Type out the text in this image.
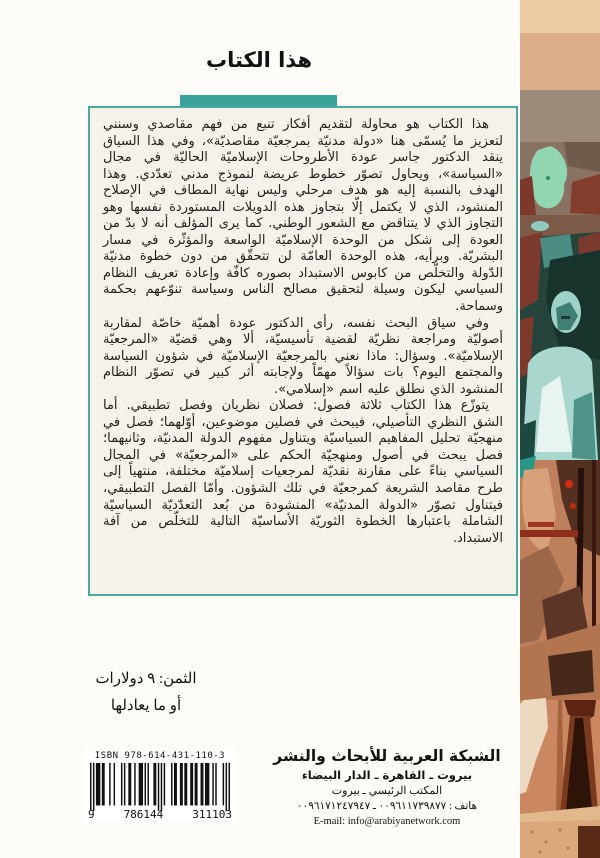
هذا الكتاب

هذا الكتاب هو محاولة لتقديم أفكار تنبع من فهم مقاصدي وسنني لتعزيز ما يُسمّى هنا «دولة مدنيّة بمرجعيّة مقاصديّة»، وفي هذا السياق ينقد الدكتور جاسر عودة الأطروحات الإسلاميّة الحاليّة في مجال «السياسة»، ويحاول تصوّر خطوط عريضة لنموذج مدني تعدّدي. وهذا الهدف بالنسبة إليه هو هدف مرحلي وليس نهاية المطاف في الإصلاح المنشود، الذي لا يكتمل إلّا بتجاوز هذه الدويلات المستوردة نفسها وهو التجاوز الذي لا يتناقض مع الشعور الوطني. كما يرى المؤلف أنه لا بدّ من العودة إلى شكل من الوحدة الإسلاميّة الواسعة والمؤثّرة في مسار البشريّة. وبرأيه، هذه الوحدة العامّة لن تتحقّق من دون خطوة مدنيّة الدّولة والتخلّص من كابوس الاستبداد بصوره كافّة وإعادة تعريف النظام السياسي ليكون وسيلة لتحقيق مصالح الناس وسياسة تنوّعهم بحكمة وسماحة.

وفي سياق البحث نفسه، رأى الدكتور عودة أهميّة خاصّة لمقاربة أصوليّة ومراجعة نظريّة لقضية تأسيسيّة، ألا وهي قضيّة «المرجعيّة الإسلاميّة». وسؤال: ماذا نعني بالمرجعيّة الإسلاميّة في شؤون السياسة والمجتمع اليوم؟ بات سؤالاً مهمّاً ولإجابته أثر كبير في تصوّر النظام المنشود الذي نطلق عليه اسم «إسلامي».

يتوزّع هذا الكتاب ثلاثة فصول: فصلان نظريان وفصل تطبيقي. أما الشق النظري التأصيلي، فيبحث في فصلين موضوعين، أوّلهما؛ فصل في منهجيّة تحليل المفاهيم السياسيّة ويتناول مفهوم الدولة المدنيّة، وثانيهما؛ فصل يبحث في أصول ومنهجيّة الحكم على «المرجعيّة» في المجال السياسي بناءً على مقارنة نقديّة لمرجعيات إسلاميّة مختلفة، منتهياً إلى طرح مقاصد الشريعة كمرجعيّة في تلك الشؤون. وأمّا الفصل التطبيقي، فيتناول تصوّر «الدولة المدنيّة» المنشودة من بُعد التعدّديّة السياسيّة الشاملة باعتبارها الخطوة الثوريّة الأساسيّة التالية للتخلّص من آفة الاستبداد.

الثمن: ٩ دولارات
أو ما يعادلها
ISBN 978-614-431-110-3
9	786144	311103
الشبكة العربية للأبحاث والنشر
بيروت ـ القاهرة ـ الدار البيضاء
المكتب الرئيسي ـ بيروت
هاتف : ٠٠٩٦١١٧٣٩٨٧٧ ـ ٠٠٩٦١٧١٢٤٧٩٤٧
E-mail: info@arabiyanetwork.com
